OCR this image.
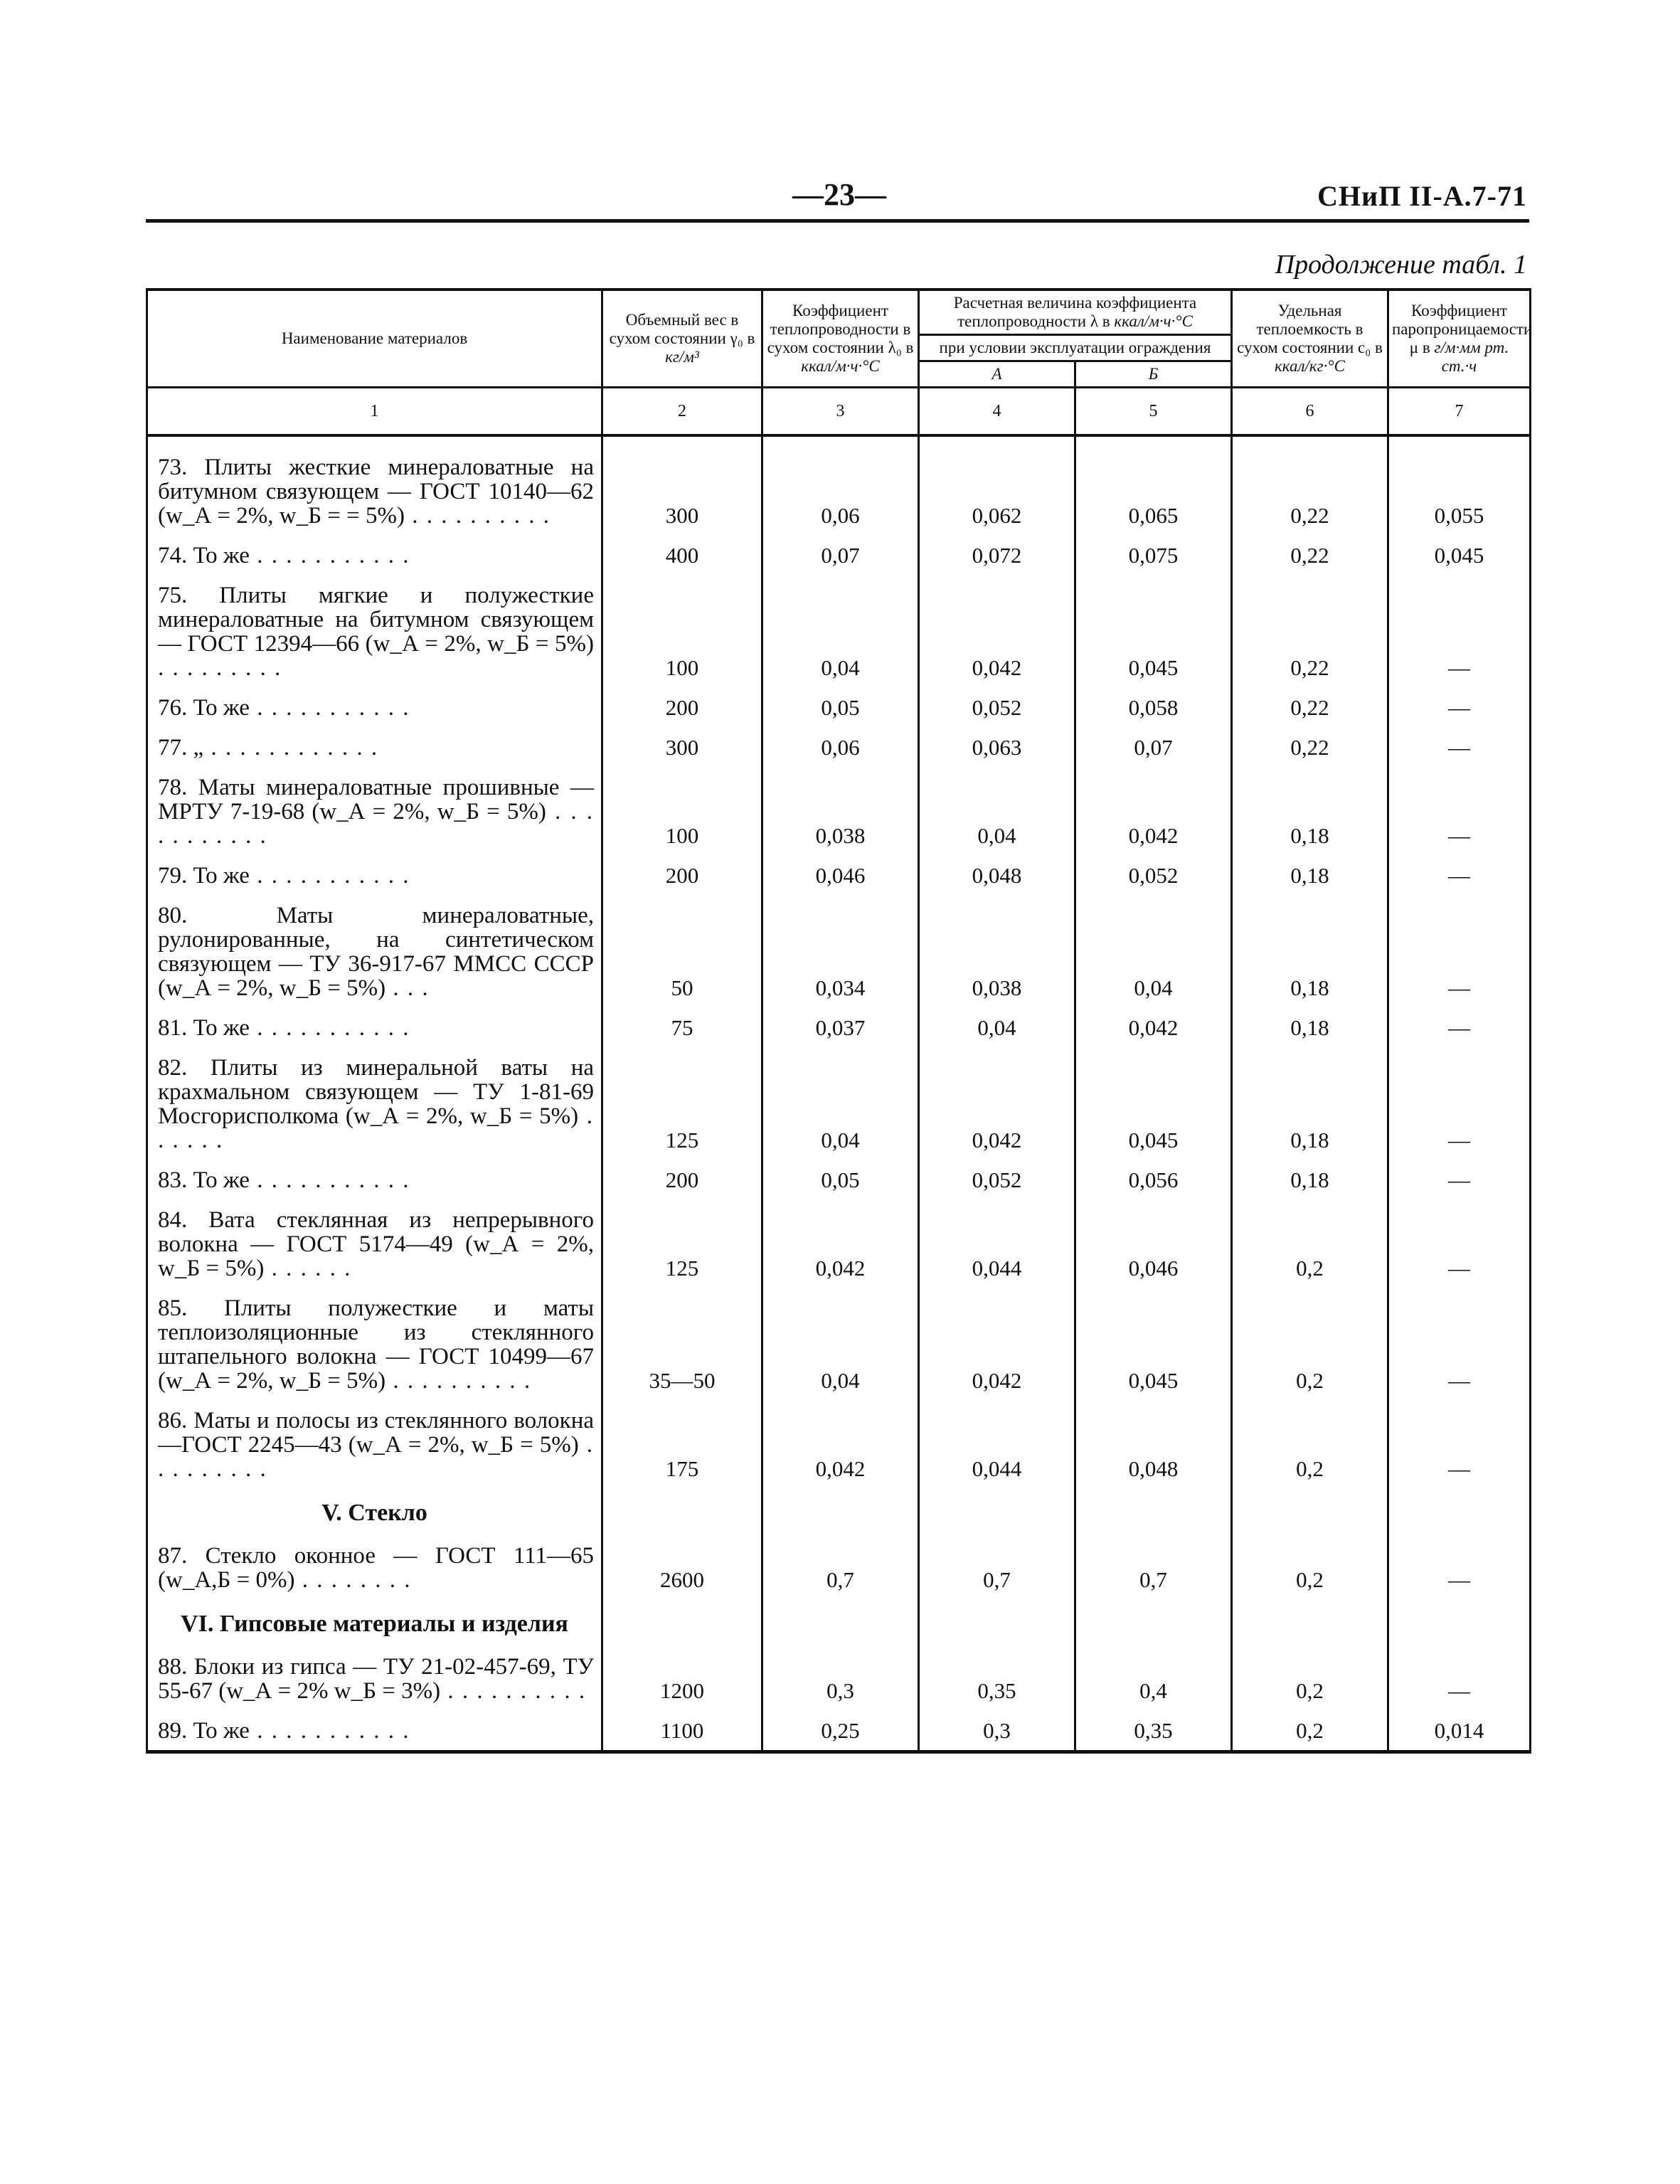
—23—	СНиП II-А.7-71
Продолжение табл. 1
Наименование материалов	Объемный вес в сухом состоянии γ₀ в кг/м³	Коэффициент теплопроводности в сухом состоянии λ₀ в ккал/м·ч·°С	Расчетная величина коэффициента теплопроводности λ в ккал/м·ч·°С		Удельная теплоемкость в сухом состоянии c₀ в ккал/кг·°С	Коэффициент паропроницаемости μ в г/м·мм рт. ст.·ч
			при условии эксплуатации ограждения			
			А	Б		
1	2	3	4	5	6	7

73. Плиты жесткие минераловатные на битумном связующем — ГОСТ 10140—62 (w_А = 2%, w_Б = = 5%) . . . . . . . . . .	300	0,06	0,062	0,065	0,22	0,055

74. То же . . . . . . . . . . .	400	0,07	0,072	0,075	0,22	0,045

75. Плиты мягкие и полужесткие минераловатные на битумном связующем— ГОСТ 12394—66 (w_А = 2%, w_Б = 5%) . . . . . . . . .	100	0,04	0,042	0,045	0,22	—

76. То же . . . . . . . . . . .	200	0,05	0,052	0,058	0,22	—

77. „ . . . . . . . . . . . .	300	0,06	0,063	0,07	0,22	—

78. Маты минераловатные прошивные — МРТУ 7-19-68 (w_А = 2%, w_Б = 5%) . . . . . . . . . . .	100	0,038	0,04	0,042	0,18	—

79. То же . . . . . . . . . . .	200	0,046	0,048	0,052	0,18	—

80. Маты минераловатные, рулонированные, на синтетическом связующем — ТУ 36-917-67 ММСС СССР (w_А = 2%, w_Б = 5%) . . .	50	0,034	0,038	0,04	0,18	—

81. То же . . . . . . . . . . .	75	0,037	0,04	0,042	0,18	—

82. Плиты из минеральной ваты на крахмальном связующем — ТУ 1-81-69 Мосгорисполкома (w_А = 2%, w_Б = 5%) . . . . . .	125	0,04	0,042	0,045	0,18	—

83. То же . . . . . . . . . . .	200	0,05	0,052	0,056	0,18	—

84. Вата стеклянная из непрерывного волокна — ГОСТ 5174—49 (w_А = 2%, w_Б = 5%) . . . . . .	125	0,042	0,044	0,046	0,2	—

85. Плиты полужесткие и маты теплоизоляционные из стеклянного штапельного волокна — ГОСТ 10499—67 (w_А = 2%, w_Б = 5%) . . . . . . . . . .	35—50	0,04	0,042	0,045	0,2	—

86. Маты и полосы из стеклянного волокна—ГОСТ 2245—43 (w_А = 2%, w_Б = 5%) . . . . . . . . .	175	0,042	0,044	0,048	0,2	—

V. Стекло						

87. Стекло оконное — ГОСТ 111—65 (w_А,Б = 0%) . . . . . . . .	2600	0,7	0,7	0,7	0,2	—

VI. Гипсовые материалы и изделия						

88. Блоки из гипса — ТУ 21-02-457-69, ТУ 55-67 (w_А = 2% w_Б = 3%) . . . . . . . . . .	1200	0,3	0,35	0,4	0,2	—

89. То же . . . . . . . . . . .	1100	0,25	0,3	0,35	0,2	0,014
